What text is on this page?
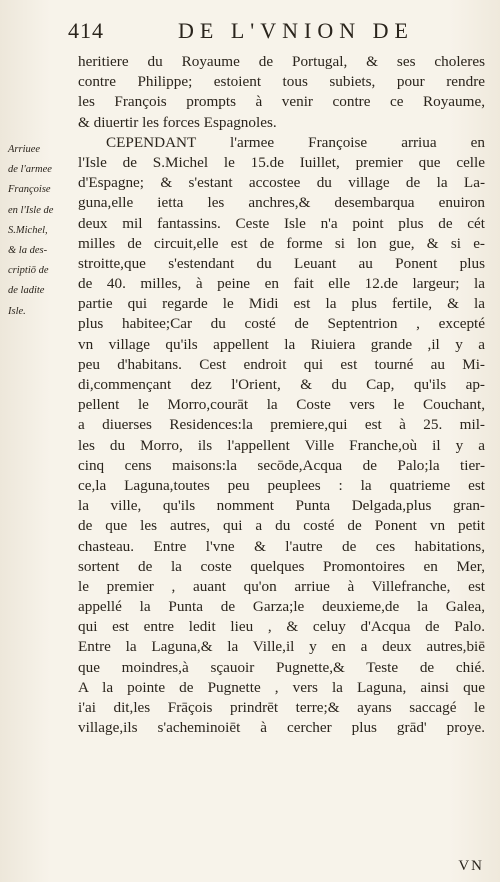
414	DE L'VNION DE
Arriuee
de l'armee
Françoise
en l'Isle de
S.Michel,
& la des-
criptiō de
de ladite
Isle.
heritiere du Royaume de Portugal, & ses choleres
contre Philippe; estoient tous subiets, pour rendre
les François prompts à venir contre ce Royaume,
& diuertir les forces Espagnoles.
CEPENDANT l'armee Françoise arriua en
l'Isle de S.Michel le 15.de Iuillet, premier que celle
d'Espagne; & s'estant accostee du village de la La-
guna,elle ietta les anchres,& desembarqua enuiron
deux mil fantassins. Ceste Isle n'a point plus de cét
milles de circuit,elle est de forme si lon gue, & si e-
stroitte,que s'estendant du Leuant au Ponent plus
de 40. milles, à peine en fait elle 12.de largeur; la
partie qui regarde le Midi est la plus fertile, & la
plus habitee;Car du costé de Septentrion , excepté
vn village qu'ils appellent la Riuiera grande ,il y a
peu d'habitans. Cest endroit qui est tourné au Mi-
di,commençant dez l'Orient, & du Cap, qu'ils ap-
pellent le Morro,courāt la Coste vers le Couchant,
a diuerses Residences:la premiere,qui est à 25. mil-
les du Morro, ils l'appellent Ville Franche,où il y a
cinq cens maisons:la secōde,Acqua de Palo;la tier-
ce,la Laguna,toutes peu peuplees : la quatrieme est
la ville, qu'ils nomment Punta Delgada,plus gran-
de que les autres, qui a du costé de Ponent vn petit
chasteau. Entre l'vne & l'autre de ces habitations,
sortent de la coste quelques Promontoires en Mer,
le premier , auant qu'on arriue à Villefranche, est
appellé la Punta de Garza;le deuxieme,de la Galea,
qui est entre ledit lieu , & celuy d'Acqua de Palo.
Entre la Laguna,& la Ville,il y en a deux autres,biē
que moindres,à sçauoir Pugnette,& Teste de chié.
A la pointe de Pugnette , vers la Laguna, ainsi que
i'ai dit,les Frāçois prindrēt terre;& ayans saccagé le
village,ils s'acheminoiēt à cercher plus grād' proye.
VN
